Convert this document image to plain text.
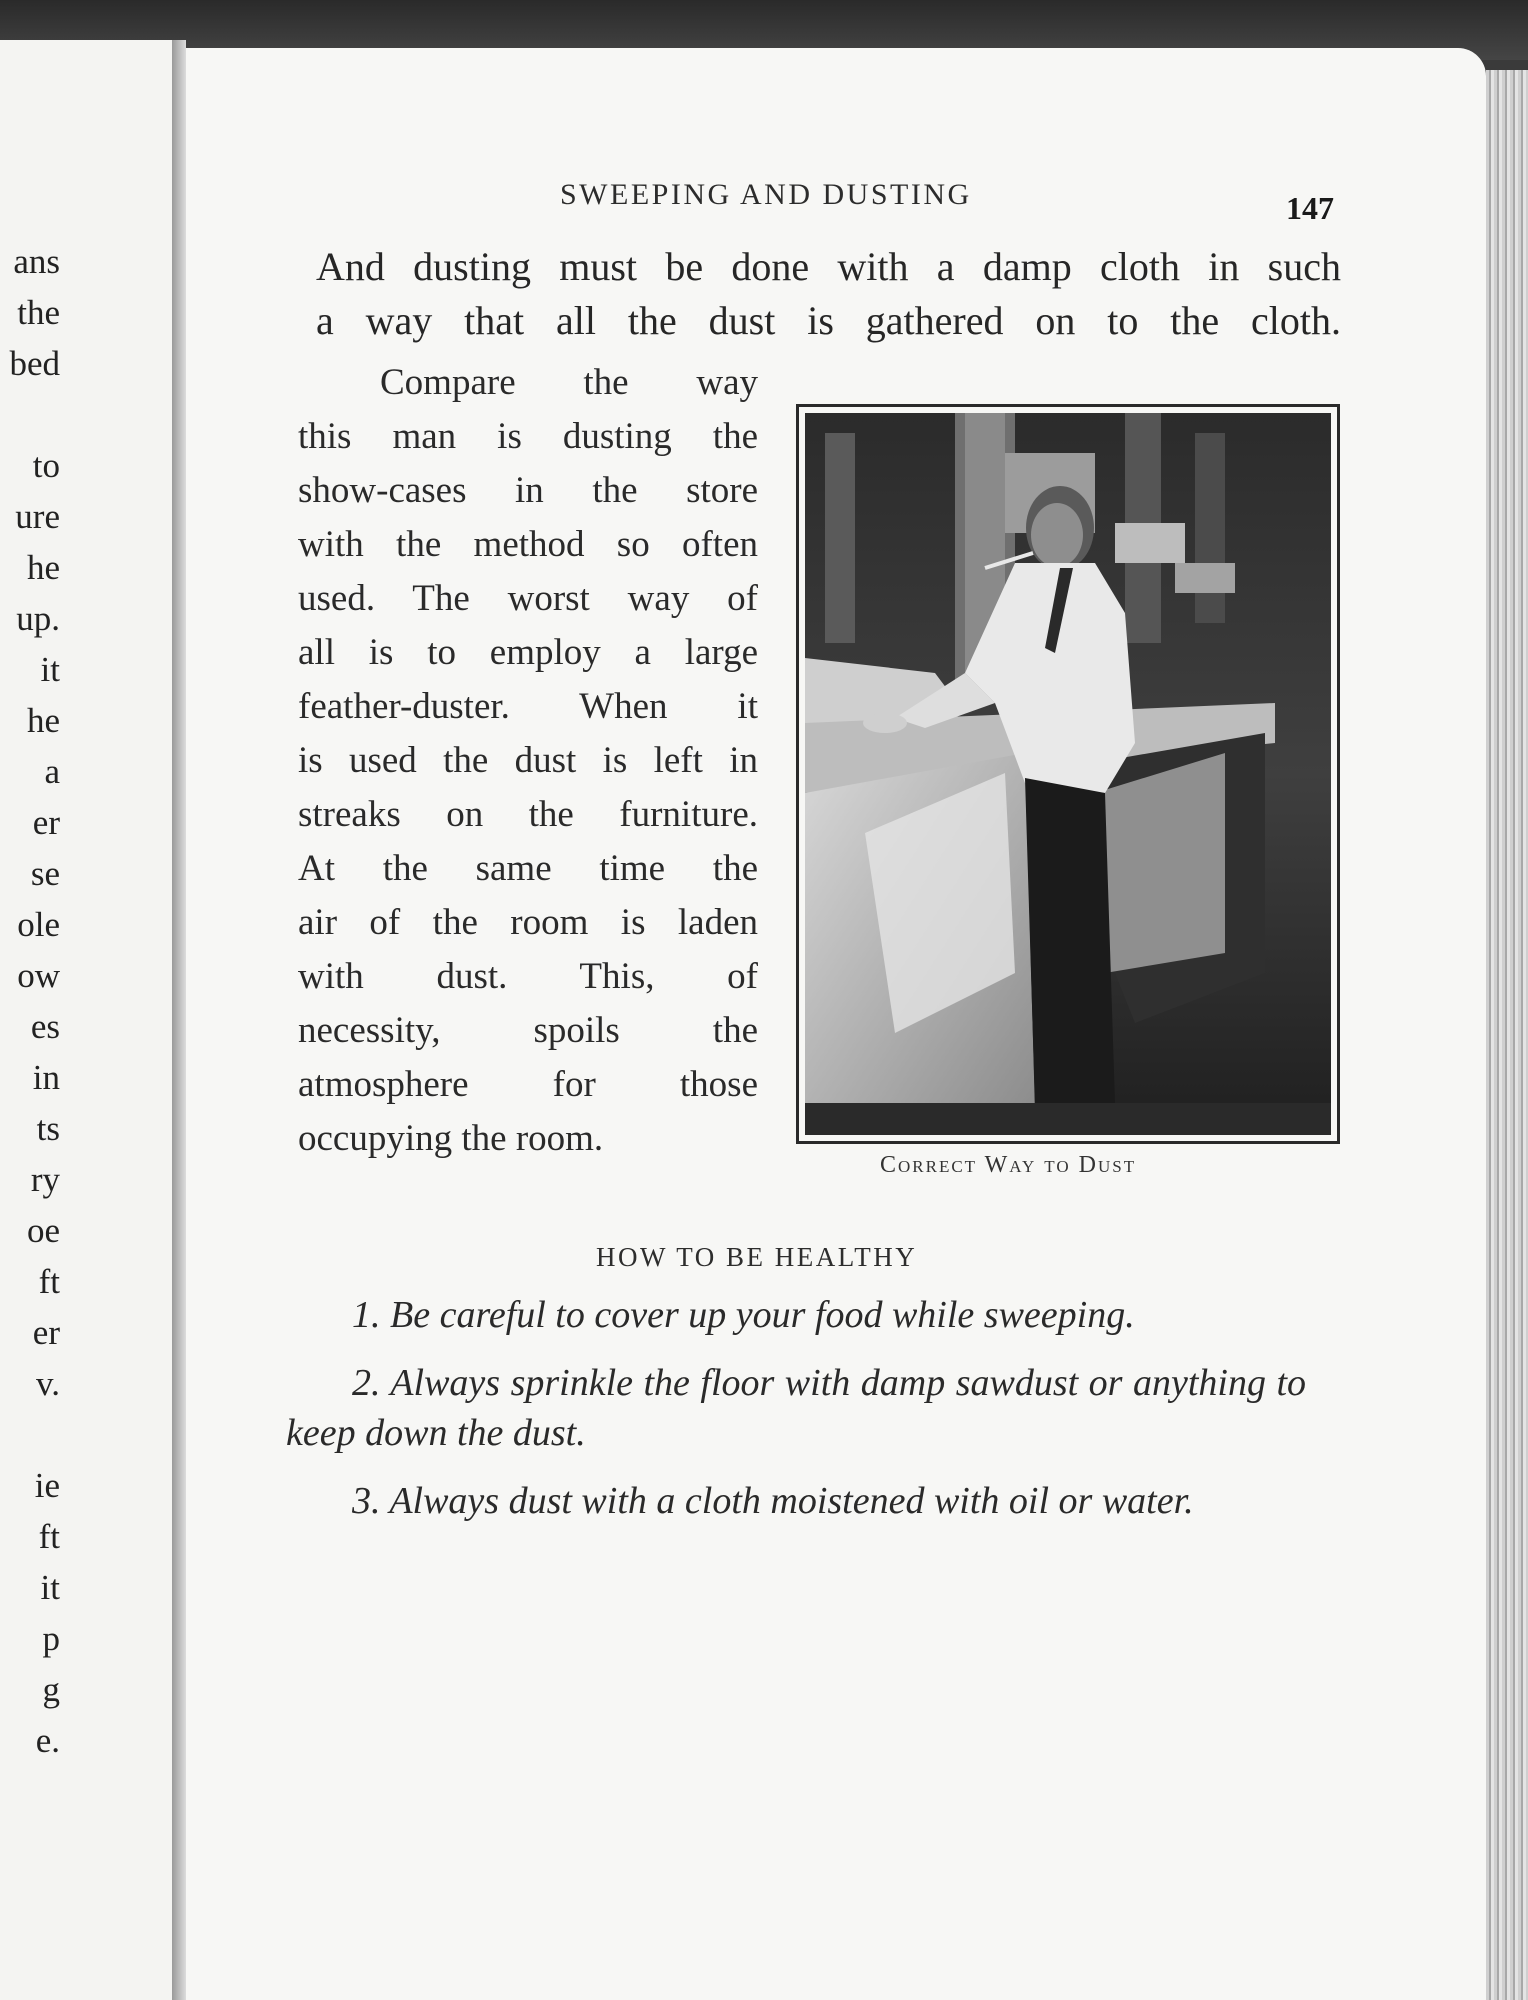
ans
the
bed
to
ure
he
up.
it
he
a
er
se
ole
ow
es
in
ts
ry
oe
ft
er
v.
ie
ft
it
p
g
e.
SWEEPING AND DUSTING	147
And dusting must be done with a damp cloth in such
a way that all the dust is gathered on to the cloth.
Compare the way
this man is dusting the
show-cases in the store
with the method so often
used. The worst way of
all is to employ a large
feather-duster. When it
is used the dust is left in
streaks on the furniture.
At the same time the
air of the room is laden
with dust. This, of
necessity, spoils the
atmosphere for those
occupying the room.
Correct Way to Dust
HOW TO BE HEALTHY
1. Be careful to cover up your food while sweeping.
2. Always sprinkle the floor with damp sawdust or anything to keep down the dust.
3. Always dust with a cloth moistened with oil or water.
